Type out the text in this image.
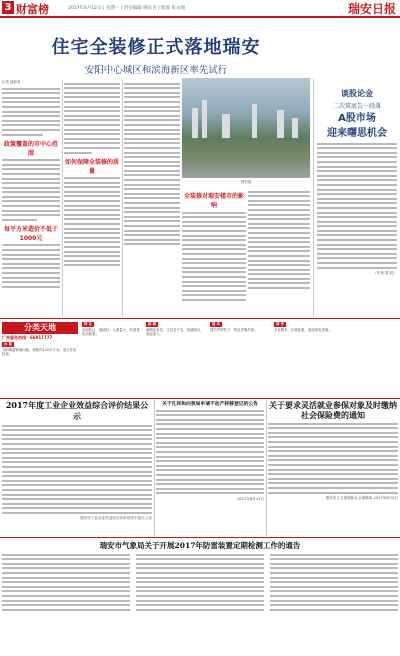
3 财富榜	2017年6月12日 | 星期一 | 责任编辑 顾长青 | 版面 张永强	瑞安日报
住宅全装修正式落地瑞安
安阳中心城区和滨海新区率先试行
记者 潘骆希
政策覆盖的市中心范围
每平方米造价不低于1000元
如何保障全装修的质量
资料图
全装修对瑞安楼市的影响
谈股论金
二次筑底告一段落
A股市场
迎来曙思机会
（作者 蔡 莉）
分类天地
广告服务热线：66917777
出 租
安阳街道商铺出租，面积约120平方米，适合各类经营。
转 让
店面转让，地段好，人流量大，有意者电话联系。
招 聘
诚聘业务员、文员若干名，待遇面议，欢迎加入。
遗 失
遗失声明若干，特此声明作废。
商 务
专业服务，价格优惠，欢迎来电咨询。
2017年度工业企业效益综合评价结果公示
瑞安市工业企业效益综合评价领导小组办公室
关于孔祥和向我局申请不动产转移登记的公告
2017年6月12日
关于要求灵活就业参保对象及时缴纳社会保险费的通知
瑞安市人力资源和社会保障局 2017年6月5日
瑞安市气象局关于开展2017年防雷装置定期检测工作的通告
